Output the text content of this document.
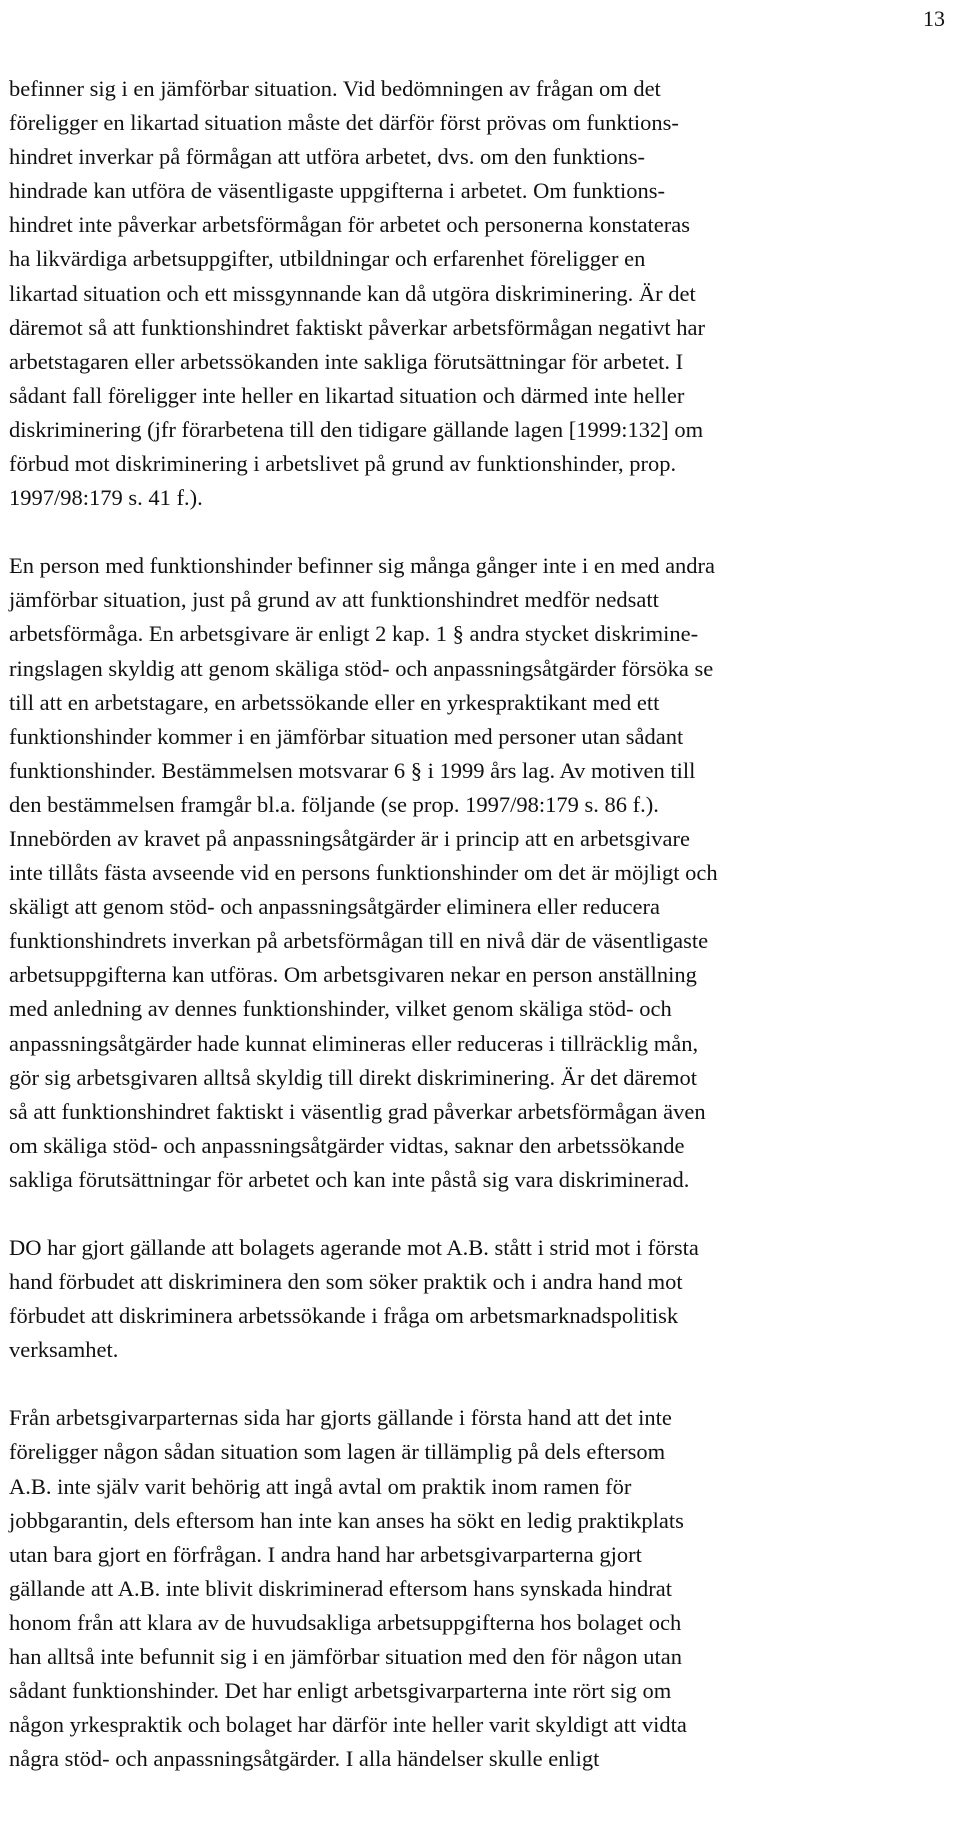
13

befinner sig i en jämförbar situation. Vid bedömningen av frågan om det
föreligger en likartad situation måste det därför först prövas om funktions-
hindret inverkar på förmågan att utföra arbetet, dvs. om den funktions-
hindrade kan utföra de väsentligaste uppgifterna i arbetet. Om funktions-
hindret inte påverkar arbetsförmågan för arbetet och personerna konstateras
ha likvärdiga arbetsuppgifter, utbildningar och erfarenhet föreligger en
likartad situation och ett missgynnande kan då utgöra diskriminering. Är det
däremot så att funktionshindret faktiskt påverkar arbetsförmågan negativt har
arbetstagaren eller arbetssökanden inte sakliga förutsättningar för arbetet. I
sådant fall föreligger inte heller en likartad situation och därmed inte heller
diskriminering (jfr förarbetena till den tidigare gällande lagen [1999:132] om
förbud mot diskriminering i arbetslivet på grund av funktionshinder, prop.
1997/98:179 s. 41 f.).

En person med funktionshinder befinner sig många gånger inte i en med andra
jämförbar situation, just på grund av att funktionshindret medför nedsatt
arbetsförmåga. En arbetsgivare är enligt 2 kap. 1 § andra stycket diskrimine-
ringslagen skyldig att genom skäliga stöd- och anpassningsåtgärder försöka se
till att en arbetstagare, en arbetssökande eller en yrkespraktikant med ett
funktionshinder kommer i en jämförbar situation med personer utan sådant
funktionshinder. Bestämmelsen motsvarar 6 § i 1999 års lag. Av motiven till
den bestämmelsen framgår bl.a. följande (se prop. 1997/98:179 s. 86 f.).
Innebörden av kravet på anpassningsåtgärder är i princip att en arbetsgivare
inte tillåts fästa avseende vid en persons funktionshinder om det är möjligt och
skäligt att genom stöd- och anpassningsåtgärder eliminera eller reducera
funktionshindrets inverkan på arbetsförmågan till en nivå där de väsentligaste
arbetsuppgifterna kan utföras. Om arbetsgivaren nekar en person anställning
med anledning av dennes funktionshinder, vilket genom skäliga stöd- och
anpassningsåtgärder hade kunnat elimineras eller reduceras i tillräcklig mån,
gör sig arbetsgivaren alltså skyldig till direkt diskriminering. Är det däremot
så att funktionshindret faktiskt i väsentlig grad påverkar arbetsförmågan även
om skäliga stöd- och anpassningsåtgärder vidtas, saknar den arbetssökande
sakliga förutsättningar för arbetet och kan inte påstå sig vara diskriminerad.

DO har gjort gällande att bolagets agerande mot A.B. stått i strid mot i första
hand förbudet att diskriminera den som söker praktik och i andra hand mot
förbudet att diskriminera arbetssökande i fråga om arbetsmarknadspolitisk
verksamhet.

Från arbetsgivarparternas sida har gjorts gällande i första hand att det inte
föreligger någon sådan situation som lagen är tillämplig på dels eftersom
A.B. inte själv varit behörig att ingå avtal om praktik inom ramen för
jobbgarantin, dels eftersom han inte kan anses ha sökt en ledig praktikplats
utan bara gjort en förfrågan. I andra hand har arbetsgivarparterna gjort
gällande att A.B. inte blivit diskriminerad eftersom hans synskada hindrat
honom från att klara av de huvudsakliga arbetsuppgifterna hos bolaget och
han alltså inte befunnit sig i en jämförbar situation med den för någon utan
sådant funktionshinder. Det har enligt arbetsgivarparterna inte rört sig om
någon yrkespraktik och bolaget har därför inte heller varit skyldigt att vidta
några stöd- och anpassningsåtgärder. I alla händelser skulle enligt
